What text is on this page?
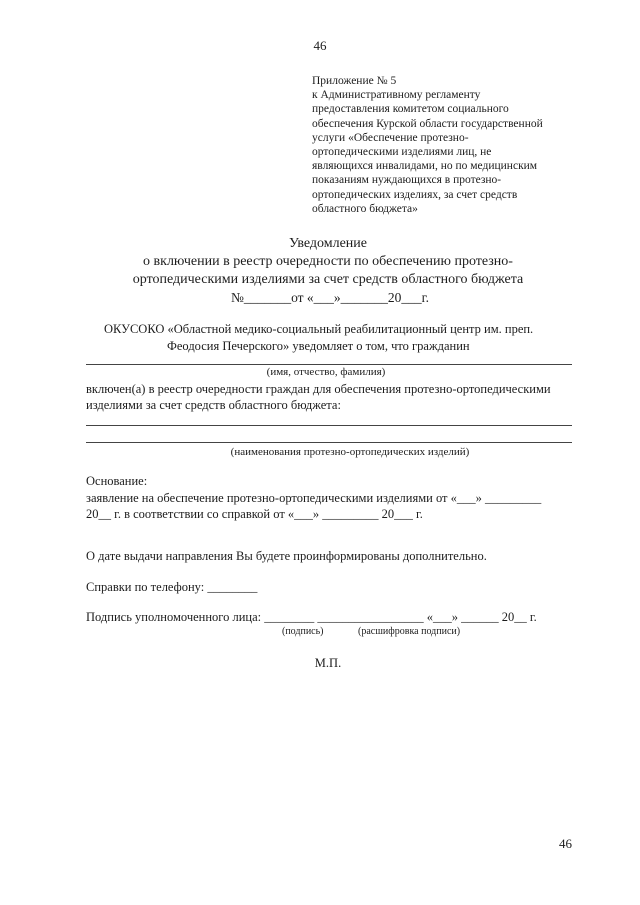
46
Приложение № 5
к Административному регламенту
предоставления комитетом социального
обеспечения Курской области государственной
услуги «Обеспечение протезно-
ортопедическими изделиями лиц, не
являющихся инвалидами, но по медицинским
показаниям нуждающихся в протезно-
ортопедических изделиях, за счет средств
областного бюджета»
Уведомление
о включении в реестр очередности по обеспечению протезно-
ортопедическими изделиями за счет средств областного бюджета
№_______от «___»_______20___г.
ОКУСОКО «Областной медико-социальный реабилитационный центр им. преп.
Феодосия Печерского» уведомляет о том, что гражданин
(имя, отчество, фамилия)
включен(а) в реестр очередности граждан для обеспечения протезно-ортопедическими
изделиями за счет средств областного бюджета:
(наименования протезно-ортопедических изделий)
Основание:
заявление на обеспечение протезно-ортопедическими изделиями от «___» _________
20__ г. в соответствии со справкой от «___» _________ 20___ г.
О дате выдачи направления Вы будете проинформированы дополнительно.
Справки по телефону: ________
Подпись уполномоченного лица: ________ _________________ «___» ______ 20__ г.
(подпись)	(расшифровка подписи)
М.П.
46
